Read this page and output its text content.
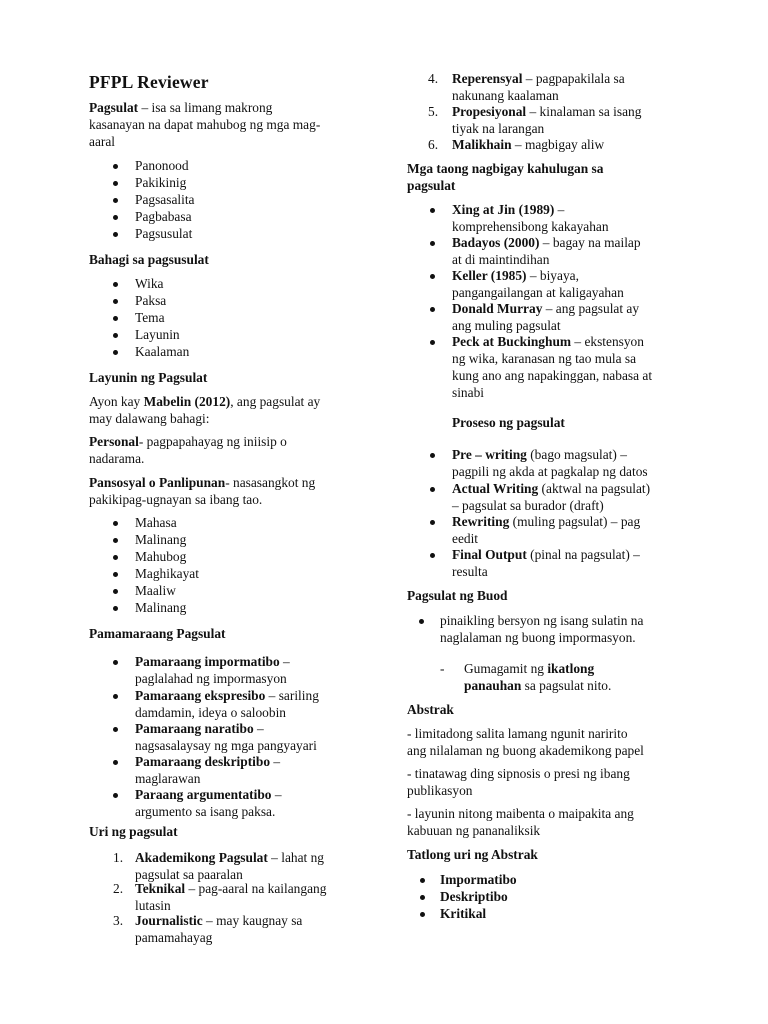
PFPL Reviewer
Pagsulat – isa sa limang makrong
kasanayan na dapat mahubog ng mga mag-
aaral
Panonood
Pakikinig
Pagsasalita
Pagbabasa
Pagsusulat
Bahagi sa pagsusulat
Wika
Paksa
Tema
Layunin
Kaalaman
Layunin ng Pagsulat
Ayon kay Mabelin (2012), ang pagsulat ay
may dalawang bahagi:
Personal- pagpapahayag ng iniisip o
nadarama.
Pansosyal o Panlipunan- nasasangkot ng
pakikipag-ugnayan sa ibang tao.
Mahasa
Malinang
Mahubog
Maghikayat
Maaliw
Malinang
Pamamaraang Pagsulat
Pamaraang impormatibo –
paglalahad ng impormasyon
Pamaraang ekspresibo – sariling
damdamin, ideya o saloobin
Pamaraang naratibo –
nagsasalaysay ng mga pangyayari
Pamaraang deskriptibo –
maglarawan
Paraang argumentatibo –
argumento sa isang paksa.
Uri ng pagsulat
1. Akademikong Pagsulat – lahat ng
pagsulat sa paaralan
2. Teknikal – pag-aaral na kailangang
lutasin
3. Journalistic – may kaugnay sa
pamamahayag
4. Reperensyal – pagpapakilala sa
nakunang kaalaman
5. Propesiyonal – kinalaman sa isang
tiyak na larangan
6. Malikhain – magbigay aliw
Mga taong nagbigay kahulugan sa
pagsulat
Xing at Jin (1989) –
komprehensibong kakayahan
Badayos (2000) – bagay na mailap
at di maintindihan
Keller (1985) – biyaya,
pangangailangan at kaligayahan
Donald Murray – ang pagsulat ay
ang muling pagsulat
Peck at Buckinghum – ekstensyon
ng wika, karanasan ng tao mula sa
kung ano ang napakinggan, nabasa at
sinabi
Proseso ng pagsulat
Pre – writing (bago magsulat) –
pagpili ng akda at pagkalap ng datos
Actual Writing (aktwal na pagsulat)
– pagsulat sa burador (draft)
Rewriting (muling pagsulat) – pag
eedit
Final Output (pinal na pagsulat) –
resulta
Pagsulat ng Buod
pinaikling bersyon ng isang sulatin na
naglalaman ng buong impormasyon.
- Gumagamit ng ikatlong
panauhan sa pagsulat nito.
Abstrak
- limitadong salita lamang ngunit naririto
ang nilalaman ng buong akademikong papel
- tinatawag ding sipnosis o presi ng ibang
publikasyon
- layunin nitong maibenta o maipakita ang
kabuuan ng pananaliksik
Tatlong uri ng Abstrak
Impormatibo
Deskriptibo
Kritikal
